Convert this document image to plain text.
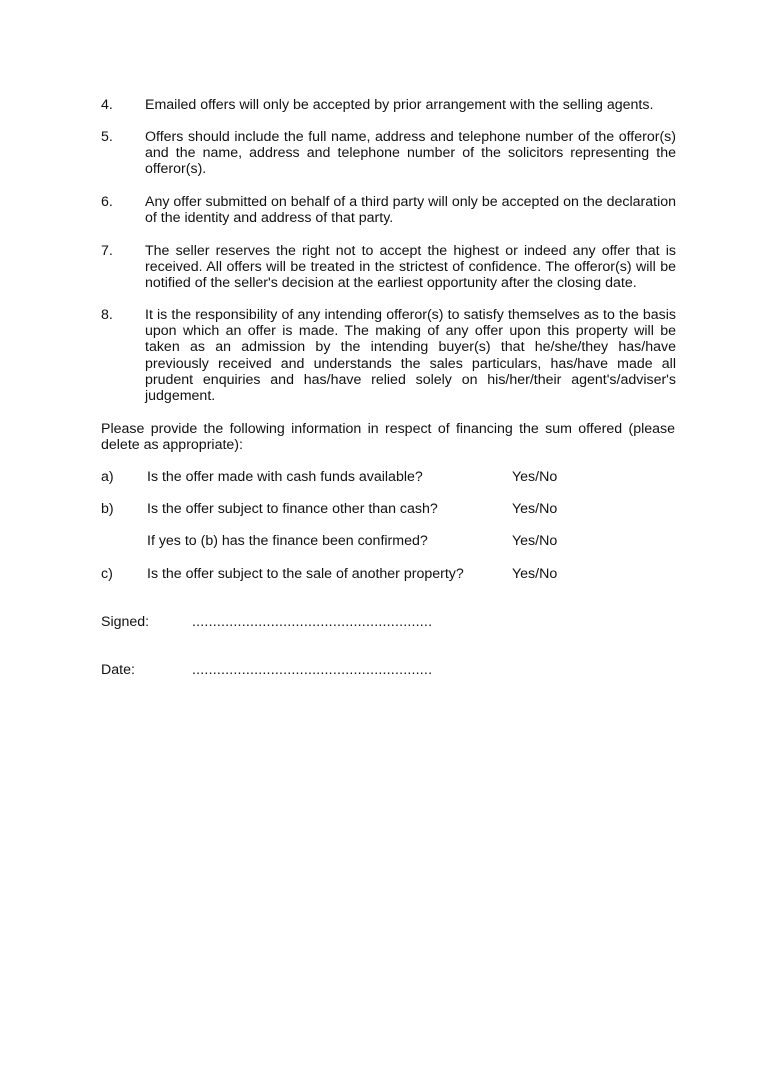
4. Emailed offers will only be accepted by prior arrangement with the selling agents.
5. Offers should include the full name, address and telephone number of the offeror(s) and the name, address and telephone number of the solicitors representing the offeror(s).
6. Any offer submitted on behalf of a third party will only be accepted on the declaration of the identity and address of that party.
7. The seller reserves the right not to accept the highest or indeed any offer that is received. All offers will be treated in the strictest of confidence. The offeror(s) will be notified of the seller's decision at the earliest opportunity after the closing date.
8. It is the responsibility of any intending offeror(s) to satisfy themselves as to the basis upon which an offer is made. The making of any offer upon this property will be taken as an admission by the intending buyer(s) that he/she/they has/have previously received and understands the sales particulars, has/have made all prudent enquiries and has/have relied solely on his/her/their agent's/adviser's judgement.
Please provide the following information in respect of financing the sum offered (please delete as appropriate):
a) Is the offer made with cash funds available?	Yes/No
b) Is the offer subject to finance other than cash?	Yes/No
If yes to (b) has the finance been confirmed?	Yes/No
c) Is the offer subject to the sale of another property?	Yes/No
Signed:	..........................................................
Date:	..........................................................
